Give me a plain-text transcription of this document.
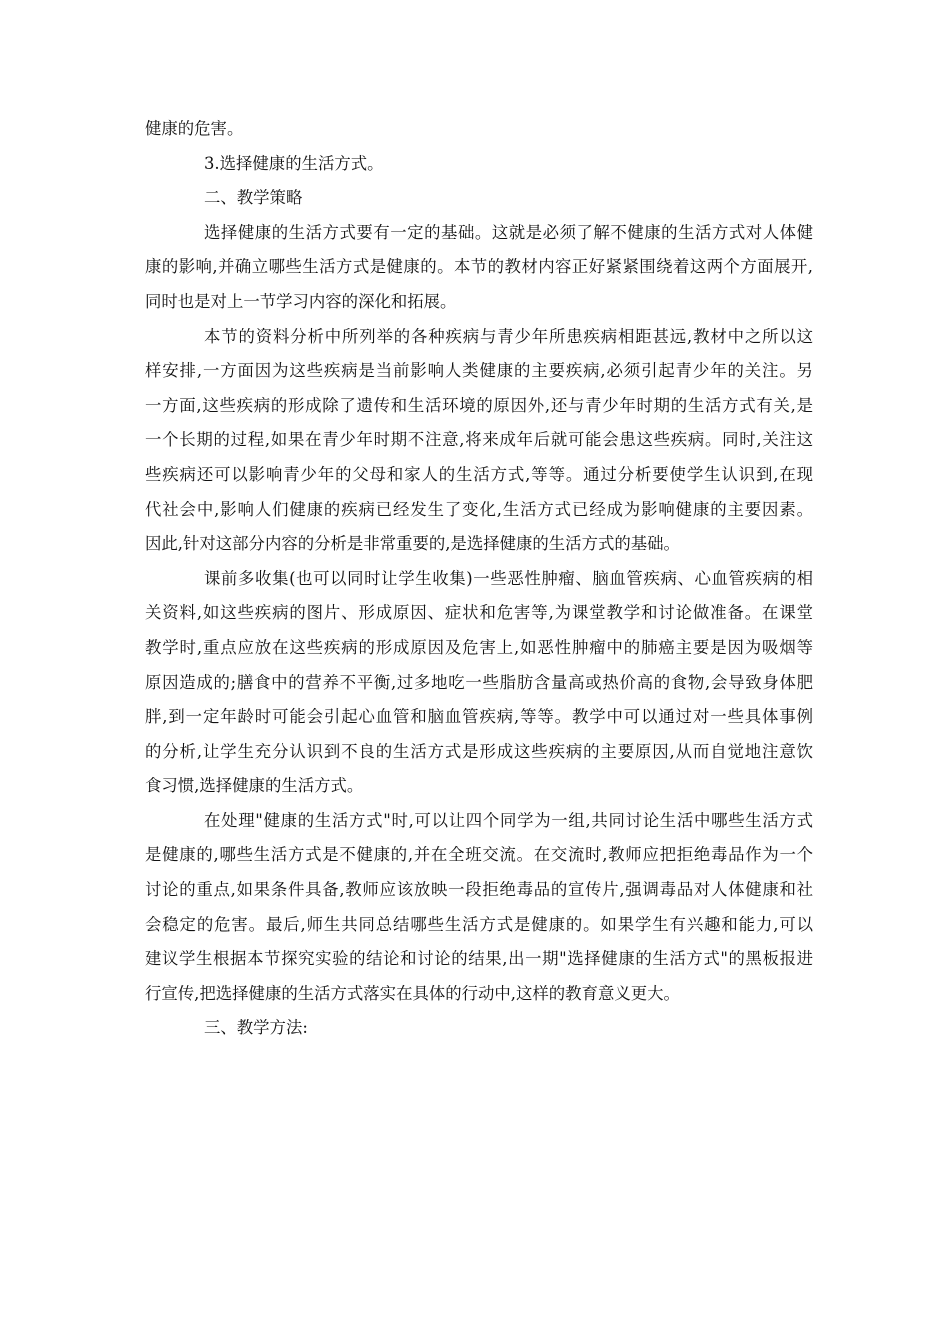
健康的危害。

3.选择健康的生活方式。

二、教学策略

选择健康的生活方式要有一定的基础。这就是必须了解不健康的生活方式对人体健

康的影响,并确立哪些生活方式是健康的。本节的教材内容正好紧紧围绕着这两个方面展开,

同时也是对上一节学习内容的深化和拓展。

本节的资料分析中所列举的各种疾病与青少年所患疾病相距甚远,教材中之所以这

样安排,一方面因为这些疾病是当前影响人类健康的主要疾病,必须引起青少年的关注。另

一方面,这些疾病的形成除了遗传和生活环境的原因外,还与青少年时期的生活方式有关,是

一个长期的过程,如果在青少年时期不注意,将来成年后就可能会患这些疾病。同时,关注这

些疾病还可以影响青少年的父母和家人的生活方式,等等。通过分析要使学生认识到,在现

代社会中,影响人们健康的疾病已经发生了变化,生活方式已经成为影响健康的主要因素。

因此,针对这部分内容的分析是非常重要的,是选择健康的生活方式的基础。

课前多收集(也可以同时让学生收集)一些恶性肿瘤、脑血管疾病、心血管疾病的相

关资料,如这些疾病的图片、形成原因、症状和危害等,为课堂教学和讨论做准备。在课堂

教学时,重点应放在这些疾病的形成原因及危害上,如恶性肿瘤中的肺癌主要是因为吸烟等

原因造成的;膳食中的营养不平衡,过多地吃一些脂肪含量高或热价高的食物,会导致身体肥

胖,到一定年龄时可能会引起心血管和脑血管疾病,等等。教学中可以通过对一些具体事例

的分析,让学生充分认识到不良的生活方式是形成这些疾病的主要原因,从而自觉地注意饮

食习惯,选择健康的生活方式。

在处理"健康的生活方式"时,可以让四个同学为一组,共同讨论生活中哪些生活方式

是健康的,哪些生活方式是不健康的,并在全班交流。在交流时,教师应把拒绝毒品作为一个

讨论的重点,如果条件具备,教师应该放映一段拒绝毒品的宣传片,强调毒品对人体健康和社

会稳定的危害。最后,师生共同总结哪些生活方式是健康的。如果学生有兴趣和能力,可以

建议学生根据本节探究实验的结论和讨论的结果,出一期"选择健康的生活方式"的黑板报进

行宣传,把选择健康的生活方式落实在具体的行动中,这样的教育意义更大。

三、教学方法:
